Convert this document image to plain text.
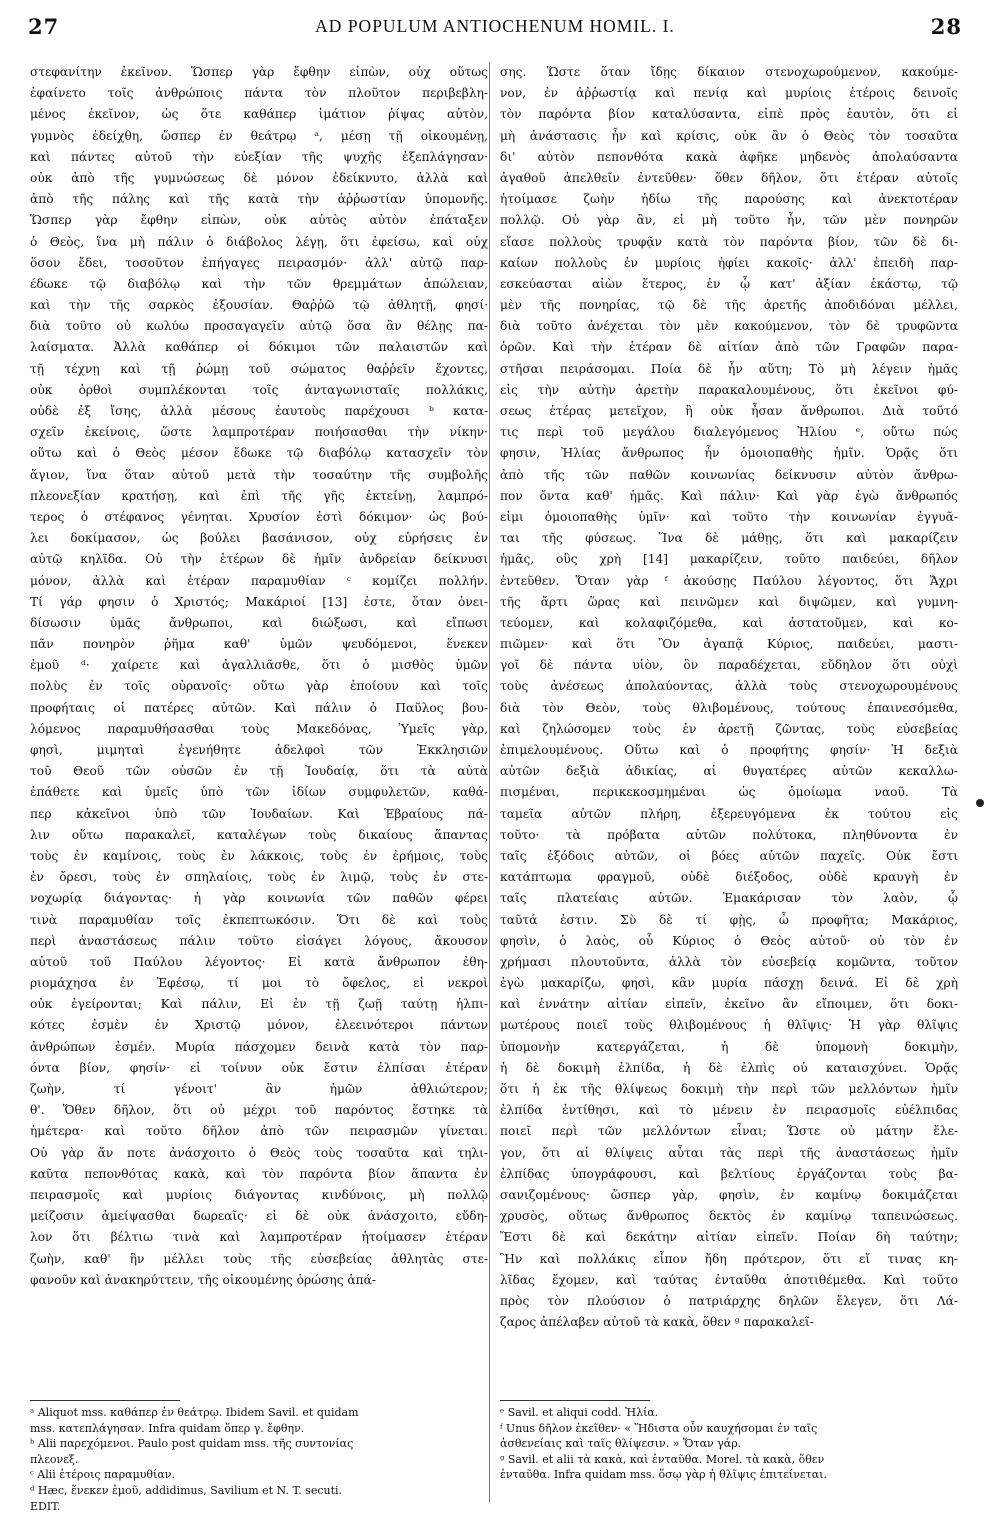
27	AD POPULUM ANTIOCHENUM HOMIL. I.	28
στεφανίτην ἐκεῖνον. Ὥσπερ γὰρ ἔφθην εἰπὼν, οὐχ οὕτως
ἐφαίνετο τοῖς ἀνθρώποις πάντα τὸν πλοῦτον περιβεβλη-
μένος ἐκεῖνον, ὡς ὅτε καθάπερ ἱμάτιον ῥίψας αὐτὸν,
γυμνὸς ἐδείχθη, ὥσπερ ἐν θεάτρῳ ᵃ, μέσῃ τῇ οἰκουμένῃ,
καὶ πάντες αὐτοῦ τὴν εὐεξίαν τῆς ψυχῆς ἐξεπλάγησαν·
οὐκ ἀπὸ τῆς γυμνώσεως δὲ μόνον ἐδείκνυτο, ἀλλὰ καὶ
ἀπὸ τῆς πάλης καὶ τῆς κατὰ τὴν ἀῤῥωστίαν ὑπομονῆς.
Ὥσπερ γὰρ ἔφθην εἰπὼν, οὐκ αὐτὸς αὐτὸν ἐπάταξεν
ὁ Θεὸς, ἵνα μὴ πάλιν ὁ διάβολος λέγῃ, ὅτι ἐφείσω, καὶ οὐχ
ὅσον ἔδει, τοσοῦτον ἐπήγαγες πειρασμόν· ἀλλ' αὐτῷ παρ-
έδωκε τῷ διαβόλῳ καὶ τὴν τῶν θρεμμάτων ἀπώλειαν,
καὶ τὴν τῆς σαρκὸς ἐξουσίαν. Θαῤῥῶ τῷ ἀθλητῇ, φησί·
διὰ τοῦτο οὐ κωλύω προσαγαγεῖν αὐτῷ ὅσα ἂν θέλῃς πα-
λαίσματα. Ἀλλὰ καθάπερ οἱ δόκιμοι τῶν παλαιστῶν καὶ
τῇ τέχνῃ καὶ τῇ ῥώμῃ τοῦ σώματος θαῤῥεῖν ἔχοντες,
οὐκ ὀρθοὶ συμπλέκονται τοῖς ἀνταγωνισταῖς πολλάκις,
οὐδὲ ἐξ ἴσης, ἀλλὰ μέσους ἑαυτοὺς παρέχουσι ᵇ κατα-
σχεῖν ἐκείνοις, ὥστε λαμπροτέραν ποιήσασθαι τὴν νίκην·
οὕτω καὶ ὁ Θεὸς μέσον ἔδωκε τῷ διαβόλῳ κατασχεῖν τὸν
ἅγιον, ἵνα ὅταν αὐτοῦ μετὰ τὴν τοσαύτην τῆς συμβολῆς
πλεονεξίαν κρατήσῃ, καὶ ἐπὶ τῆς γῆς ἐκτείνῃ, λαμπρό-
τερος ὁ στέφανος γένηται. Χρυσίον ἐστὶ δόκιμον· ὡς βού-
λει δοκίμασον, ὡς βούλει βασάνισον, οὐχ εὑρήσεις ἐν
αὐτῷ κηλῖδα. Οὐ τὴν ἑτέρων δὲ ἡμῖν ἀνδρείαν δείκνυσι
μόνον, ἀλλὰ καὶ ἑτέραν παραμυθίαν ᶜ κομίζει πολλήν.
Τί γάρ φησιν ὁ Χριστός; Μακάριοί [13] ἐστε, ὅταν ὀνει-
δίσωσιν ὑμᾶς ἄνθρωποι, καὶ διώξωσι, καὶ εἴπωσι
πᾶν πονηρὸν ῥῆμα καθ' ὑμῶν ψευδόμενοι, ἕνεκεν
ἐμοῦ ᵈ· χαίρετε καὶ ἀγαλλιᾶσθε, ὅτι ὁ μισθὸς ὑμῶν
πολὺς ἐν τοῖς οὐρανοῖς· οὕτω γὰρ ἐποίουν καὶ τοῖς
προφήταις οἱ πατέρες αὐτῶν. Καὶ πάλιν ὁ Παῦλος βου-
λόμενος παραμυθήσασθαι τοὺς Μακεδόνας, Ὑμεῖς γὰρ,
φησὶ, μιμηταὶ ἐγενήθητε ἀδελφοὶ τῶν Ἐκκλησιῶν
τοῦ Θεοῦ τῶν οὐσῶν ἐν τῇ Ἰουδαίᾳ, ὅτι τὰ αὐτὰ
ἐπάθετε καὶ ὑμεῖς ὑπὸ τῶν ἰδίων συμφυλετῶν, καθά-
περ κἀκεῖνοι ὑπὸ τῶν Ἰουδαίων. Καὶ Ἑβραίους πά-
λιν οὕτω παρακαλεῖ, καταλέγων τοὺς δικαίους ἅπαντας
τοὺς ἐν καμίνοις, τοὺς ἐν λάκκοις, τοὺς ἐν ἐρήμοις, τοὺς
ἐν ὄρεσι, τοὺς ἐν σπηλαίοις, τοὺς ἐν λιμῷ, τοὺς ἐν στε-
νοχωρίᾳ διάγοντας· ἡ γὰρ κοινωνία τῶν παθῶν φέρει
τινὰ παραμυθίαν τοῖς ἐκπεπτωκόσιν. Ὅτι δὲ καὶ τοὺς
περὶ ἀναστάσεως πάλιν τοῦτο εἰσάγει λόγους, ἄκουσον
αὐτοῦ τοῦ Παύλου λέγοντος· Εἰ κατὰ ἄνθρωπον ἐθη-
ριομάχησα ἐν Ἐφέσῳ, τί μοι τὸ ὄφελος, εἰ νεκροὶ
οὐκ ἐγείρονται; Καὶ πάλιν, Εἰ ἐν τῇ ζωῇ ταύτῃ ἠλπι-
κότες ἐσμὲν ἐν Χριστῷ μόνον, ἐλεεινότεροι πάντων
ἀνθρώπων ἐσμέν. Μυρία πάσχομεν δεινὰ κατὰ τὸν παρ-
όντα βίον, φησίν· εἰ τοίνυν οὐκ ἔστιν ἐλπίσαι ἑτέραν
ζωὴν, τί γένοιτ' ἂν ἡμῶν ἀθλιώτερον;
θ'. Ὅθεν δῆλον, ὅτι οὐ μέχρι τοῦ παρόντος ἕστηκε τὰ
ἡμέτερα· καὶ τοῦτο δῆλον ἀπὸ τῶν πειρασμῶν γίνεται.
Οὐ γὰρ ἄν ποτε ἀνάσχοιτο ὁ Θεὸς τοὺς τοσαῦτα καὶ τηλι-
καῦτα πεπονθότας κακὰ, καὶ τὸν παρόντα βίον ἅπαντα ἐν
πειρασμοῖς καὶ μυρίοις διάγοντας κινδύνοις, μὴ πολλῷ
μείζοσιν ἀμείψασθαι δωρεαῖς· εἰ δὲ οὐκ ἀνάσχοιτο, εὔδη-
λον ὅτι βέλτιω τινὰ καὶ λαμπροτέραν ἡτοίμασεν ἑτέραν
ζωὴν, καθ' ἣν μέλλει τοὺς τῆς εὐσεβείας ἀθλητὰς στε-
φανοῦν καὶ ἀνακηρύττειν, τῆς οἰκουμένης ὁρώσης ἁπά-
σης. Ὥστε ὅταν ἴδῃς δίκαιον στενοχωρούμενον, κακούμε-
νον, ἐν ἀῤῥωστίᾳ καὶ πενίᾳ καὶ μυρίοις ἑτέροις δεινοῖς
τὸν παρόντα βίον καταλύσαντα, εἰπὲ πρὸς ἑαυτὸν, ὅτι εἰ
μὴ ἀνάστασις ἦν καὶ κρίσις, οὐκ ἂν ὁ Θεὸς τὸν τοσαῦτα
δι' αὐτὸν πεπονθότα κακὰ ἀφῆκε μηδενὸς ἀπολαύσαντα
ἀγαθοῦ ἀπελθεῖν ἐντεῦθεν· ὅθεν δῆλον, ὅτι ἑτέραν αὐτοῖς
ἡτοίμασε ζωὴν ἡδίω τῆς παρούσης καὶ ἀνεκτοτέραν
πολλῷ. Οὐ γὰρ ἂν, εἰ μὴ τοῦτο ἦν, τῶν μὲν πονηρῶν
εἴασε πολλοὺς τρυφᾷν κατὰ τὸν παρόντα βίον, τῶν δὲ δι-
καίων πολλοὺς ἐν μυρίοις ἠφίει κακοῖς· ἀλλ' ἐπειδὴ παρ-
εσκεύασται αἰὼν ἕτερος, ἐν ᾧ κατ' ἀξίαν ἑκάστῳ, τῷ
μὲν τῆς πονηρίας, τῷ δὲ τῆς ἀρετῆς ἀποδιδόναι μέλλει,
διὰ τοῦτο ἀνέχεται τὸν μὲν κακούμενον, τὸν δὲ τρυφῶντα
ὁρῶν. Καὶ τὴν ἑτέραν δὲ αἰτίαν ἀπὸ τῶν Γραφῶν παρα-
στῆσαι πειράσομαι. Ποία δὲ ἦν αὕτη; Τὸ μὴ λέγειν ἡμᾶς
εἰς τὴν αὐτὴν ἀρετὴν παρακαλουμένους, ὅτι ἐκεῖνοι φύ-
σεως ἑτέρας μετεῖχον, ἢ οὐκ ἦσαν ἄνθρωποι. Διὰ τοῦτό
τις περὶ τοῦ μεγάλου διαλεγόμενος Ἠλίου ᵉ, οὕτω πώς
φησιν, Ἠλίας ἄνθρωπος ἦν ὁμοιοπαθὴς ἡμῖν. Ὁρᾷς ὅτι
ἀπὸ τῆς τῶν παθῶν κοινωνίας δείκνυσιν αὐτὸν ἄνθρω-
πον ὄντα καθ' ἡμᾶς. Καὶ πάλιν· Καὶ γὰρ ἐγὼ ἄνθρωπός
εἰμι ὁμοιοπαθὴς ὑμῖν· καὶ τοῦτο τὴν κοινωνίαν ἐγγυᾶ-
ται τῆς φύσεως. Ἵνα δὲ μάθῃς, ὅτι καὶ μακαρίζειν
ἡμᾶς, οὓς χρὴ [14] μακαρίζειν, τοῦτο παιδεύει, δῆλον
ἐντεῦθεν. Ὅταν γὰρ ᶠ ἀκούσῃς Παύλου λέγοντος, ὅτι Ἄχρι
τῆς ἄρτι ὥρας καὶ πεινῶμεν καὶ διψῶμεν, καὶ γυμνη-
τεύομεν, καὶ κολαφιζόμεθα, καὶ ἀστατοῦμεν, καὶ κο-
πιῶμεν· καὶ ὅτι Ὃν ἀγαπᾷ Κύριος, παιδεύει, μαστι-
γοῖ δὲ πάντα υἱὸν, ὃν παραδέχεται, εὔδηλον ὅτι οὐχὶ
τοὺς ἀνέσεως ἀπολαύοντας, ἀλλὰ τοὺς στενοχωρουμένους
διὰ τὸν Θεὸν, τοὺς θλιβομένους, τούτους ἐπαινεσόμεθα,
καὶ ζηλώσομεν τοὺς ἐν ἀρετῇ ζῶντας, τοὺς εὐσεβείας
ἐπιμελουμένους. Οὕτω καὶ ὁ προφήτης φησίν· Ἡ δεξιὰ
αὐτῶν δεξιὰ ἀδικίας, αἱ θυγατέρες αὐτῶν κεκαλλω-
πισμέναι, περικεκοσμημέναι ὡς ὁμοίωμα ναοῦ. Τὰ
ταμεῖα αὐτῶν πλήρη, ἐξερευγόμενα ἐκ τούτου εἰς
τοῦτο· τὰ πρόβατα αὐτῶν πολύτοκα, πληθύνοντα ἐν
ταῖς ἐξόδοις αὐτῶν, οἱ βόες αὐτῶν παχεῖς. Οὐκ ἔστι
κατάπτωμα φραγμοῦ, οὐδὲ διέξοδος, οὐδὲ κραυγὴ ἐν
ταῖς πλατείαις αὐτῶν. Ἐμακάρισαν τὸν λαὸν, ᾧ
ταῦτά ἐστιν. Σὺ δὲ τί φῂς, ὦ προφῆτα; Μακάριος,
φησὶν, ὁ λαὸς, οὗ Κύριος ὁ Θεὸς αὐτοῦ· οὐ τὸν ἐν
χρήμασι πλουτοῦντα, ἀλλὰ τὸν εὐσεβείᾳ κομῶντα, τοῦτον
ἐγὼ μακαρίζω, φησὶ, κἂν μυρία πάσχῃ δεινά. Εἰ δὲ χρὴ
καὶ ἐννάτην αἰτίαν εἰπεῖν, ἐκεῖνο ἂν εἴποιμεν, ὅτι δοκι-
μωτέρους ποιεῖ τοὺς θλιβομένους ἡ θλῖψις· Ἡ γὰρ θλῖψις
ὑπομονὴν κατεργάζεται, ἡ δὲ ὑπομονὴ δοκιμὴν,
ἡ δὲ δοκιμὴ ἐλπίδα, ἡ δὲ ἐλπὶς οὐ καταισχύνει. Ὁρᾷς
ὅτι ἡ ἐκ τῆς θλίψεως δοκιμὴ τὴν περὶ τῶν μελλόντων ἡμῖν
ἐλπίδα ἐντίθησι, καὶ τὸ μένειν ἐν πειρασμοῖς εὐέλπιδας
ποιεῖ περὶ τῶν μελλόντων εἶναι; Ὥστε οὐ μάτην ἔλε-
γον, ὅτι αἱ θλίψεις αὗται τὰς περὶ τῆς ἀναστάσεως ἡμῖν
ἐλπίδας ὑπογράφουσι, καὶ βελτίους ἐργάζονται τοὺς βα-
σανιζομένους· ὥσπερ γὰρ, φησὶν, ἐν καμίνῳ δοκιμάζεται
χρυσὸς, οὕτως ἄνθρωπος δεκτὸς ἐν καμίνῳ ταπεινώσεως.
Ἔστι δὲ καὶ δεκάτην αἰτίαν εἰπεῖν. Ποίαν δὴ ταύτην;
Ἣν καὶ πολλάκις εἶπον ἤδη πρότερον, ὅτι εἴ τινας κη-
λῖδας ἔχομεν, καὶ ταύτας ἐνταῦθα ἀποτιθέμεθα. Καὶ τοῦτο
πρὸς τὸν πλούσιον ὁ πατριάρχης δηλῶν ἔλεγεν, ὅτι Λά-
ζαρος ἀπέλαβεν αὐτοῦ τὰ κακὰ, ὅθεν ᵍ παρακαλεῖ-
ᵃ Aliquot mss. καθάπερ ἐν θεάτρῳ. Ibidem Savil. et quidam
mss. κατεπλάγησαν. Infra quidam ὅπερ γ. ἔφθην.
ᵇ Alii παρεχόμενοι. Paulo post quidam mss. τῆς συντονίας
πλεονεξ.
ᶜ Alii ἑτέροις παραμυθίαν.
ᵈ Hæc, ἕνεκεν ἐμοῦ, addidimus, Savilium et N. T. secuti.
EDIT.
ᵉ Savil. et aliqui codd. Ἠλία.
ᶠ Unus δῆλον ἐκεῖθεν· « Ἥδιστα οὖν καυχήσομαι ἐν ταῖς
ἀσθενείαις καὶ ταῖς θλίψεσιν. » Ὅταν γάρ.
ᵍ Savil. et alii τὰ κακὰ, καὶ ἐνταῦθα. Morel. τὰ κακὰ, ὅθεν
ἐνταῦθα. Infra quidam mss. ὅσῳ γὰρ ἡ θλῖψις ἐπιτείνεται.
